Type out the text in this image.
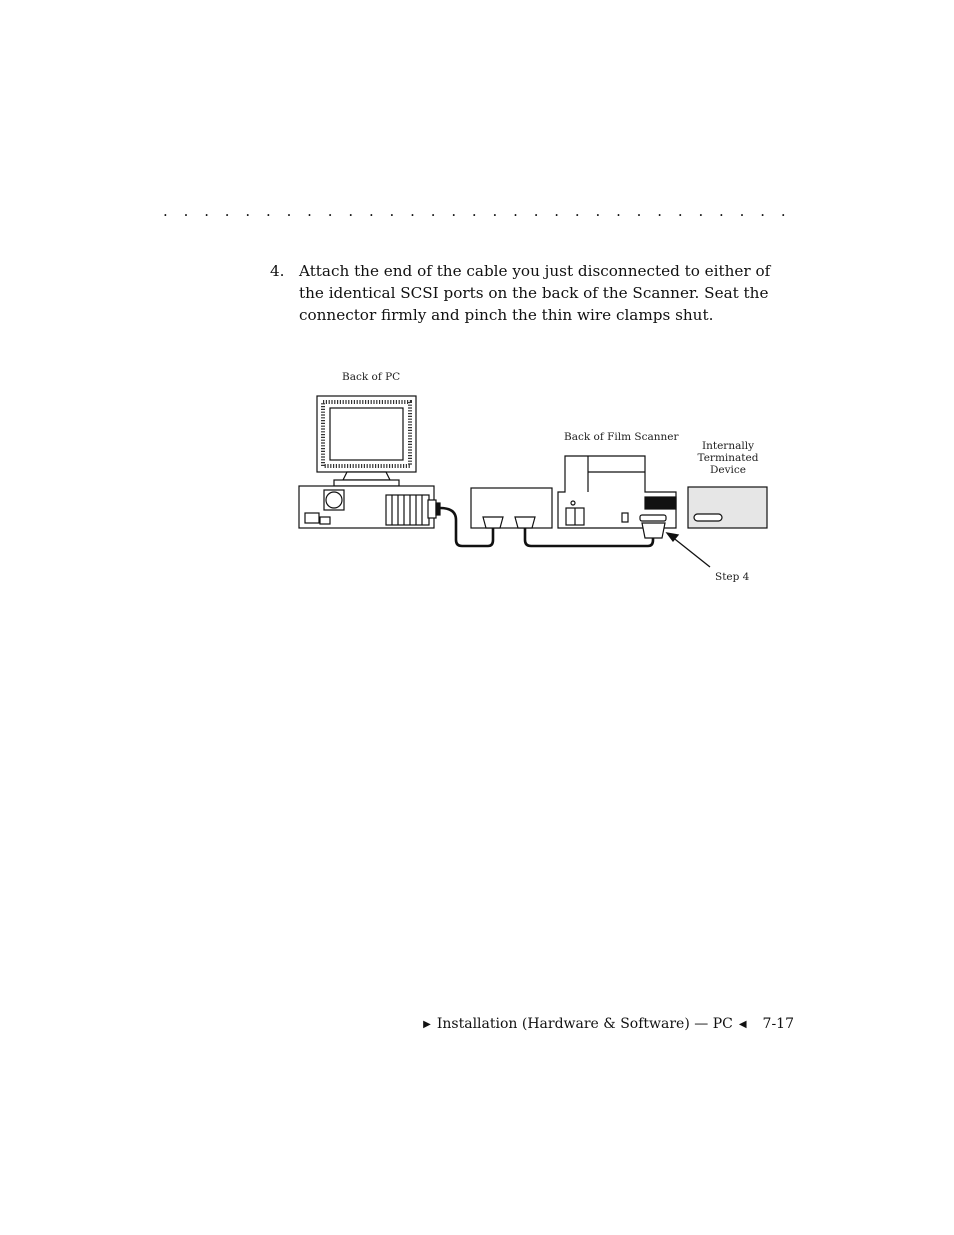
· · · · · · · · · · · · · · · · · · · · · · · · · · · · · · ·
4. Attach the end of the cable you just disconnected to either of the identical SCSI ports on the back of the Scanner. Seat the connector firmly and pinch the thin wire clamps shut.
Back of PC
Back of Film Scanner
Internally
Terminated
Device
Step 4
▶ Installation (Hardware & Software) — PC ◀ 7-17
